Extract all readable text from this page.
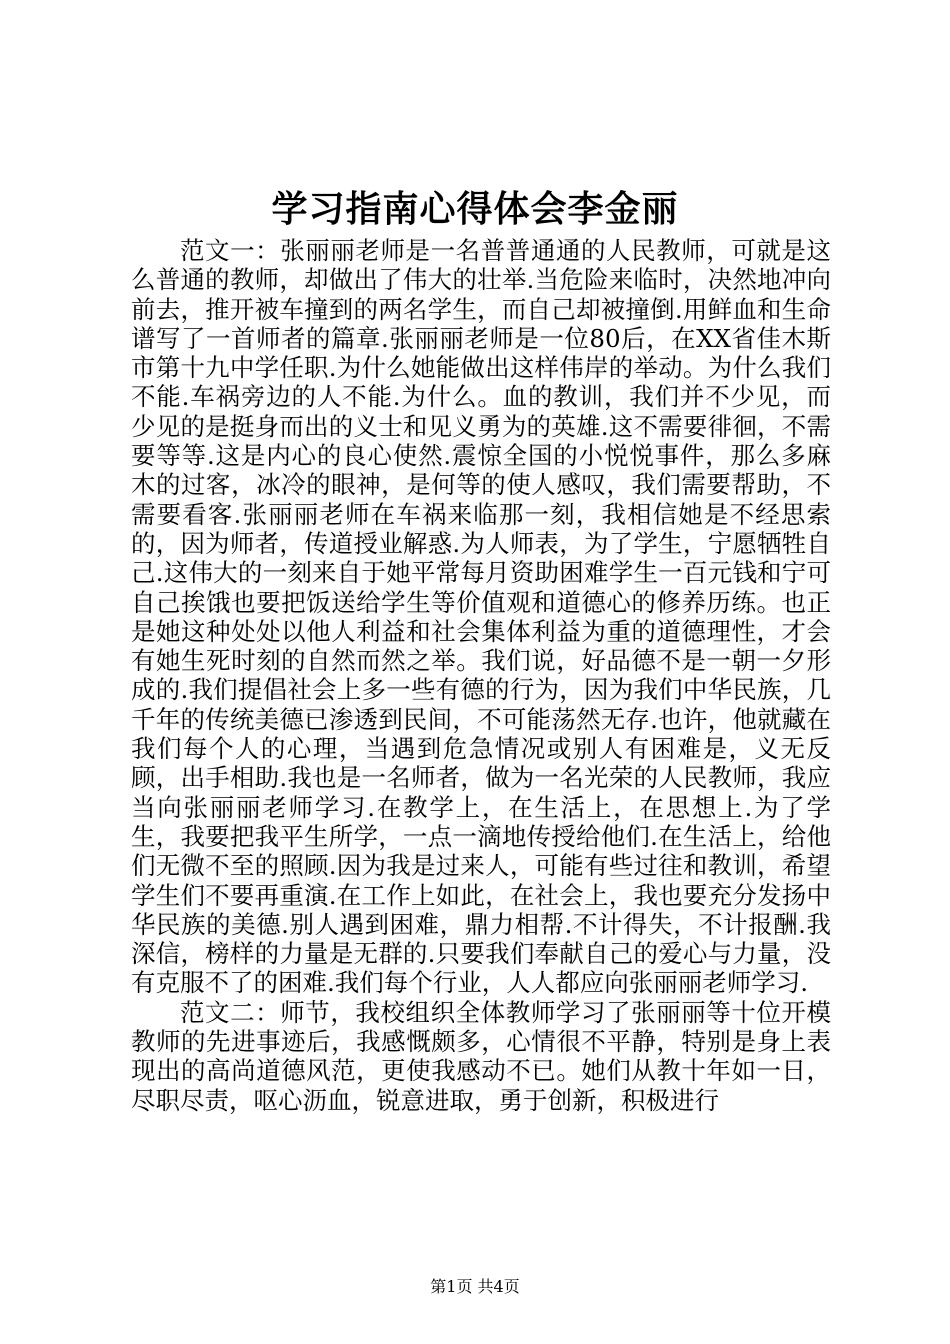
学习指南心得体会李金丽

范文一：张丽丽老师是一名普普通通的人民教师，可就是这么普通的教师，却做出了伟大的壮举.当危险来临时，决然地冲向前去，推开被车撞到的两名学生，而自己却被撞倒.用鲜血和生命谱写了一首师者的篇章.张丽丽老师是一位80后，在XX省佳木斯市第十九中学任职.为什么她能做出这样伟岸的举动。为什么我们不能.车祸旁边的人不能.为什么。血的教训，我们并不少见，而少见的是挺身而出的义士和见义勇为的英雄.这不需要徘徊，不需要等等.这是内心的良心使然.震惊全国的小悦悦事件，那么多麻木的过客，冰冷的眼神，是何等的使人感叹，我们需要帮助，不需要看客.张丽丽老师在车祸来临那一刻，我相信她是不经思索的，因为师者，传道授业解惑.为人师表，为了学生，宁愿牺牲自己.这伟大的一刻来自于她平常每月资助困难学生一百元钱和宁可自己挨饿也要把饭送给学生等价值观和道德心的修养历练。也正是她这种处处以他人利益和社会集体利益为重的道德理性，才会有她生死时刻的自然而然之举。我们说，好品德不是一朝一夕形成的.我们提倡社会上多一些有德的行为，因为我们中华民族，几千年的传统美德已渗透到民间，不可能荡然无存.也许，他就藏在我们每个人的心理，当遇到危急情况或别人有困难是，义无反顾，出手相助.我也是一名师者，做为一名光荣的人民教师，我应当向张丽丽老师学习.在教学上，在生活上，在思想上.为了学生，我要把我平生所学，一点一滴地传授给他们.在生活上，给他们无微不至的照顾.因为我是过来人，可能有些过往和教训，希望学生们不要再重演.在工作上如此，在社会上，我也要充分发扬中华民族的美德.别人遇到困难，鼎力相帮.不计得失，不计报酬.我深信，榜样的力量是无群的.只要我们奉献自己的爱心与力量，没有克服不了的困难.我们每个行业，人人都应向张丽丽老师学习.

范文二：师节，我校组织全体教师学习了张丽丽等十位开模教师的先进事迹后，我感慨颇多，心情很不平静，特别是身上表现出的高尚道德风范，更使我感动不已。她们从教十年如一日，尽职尽责，呕心沥血，锐意进取，勇于创新，积极进行

第1页 共4页
